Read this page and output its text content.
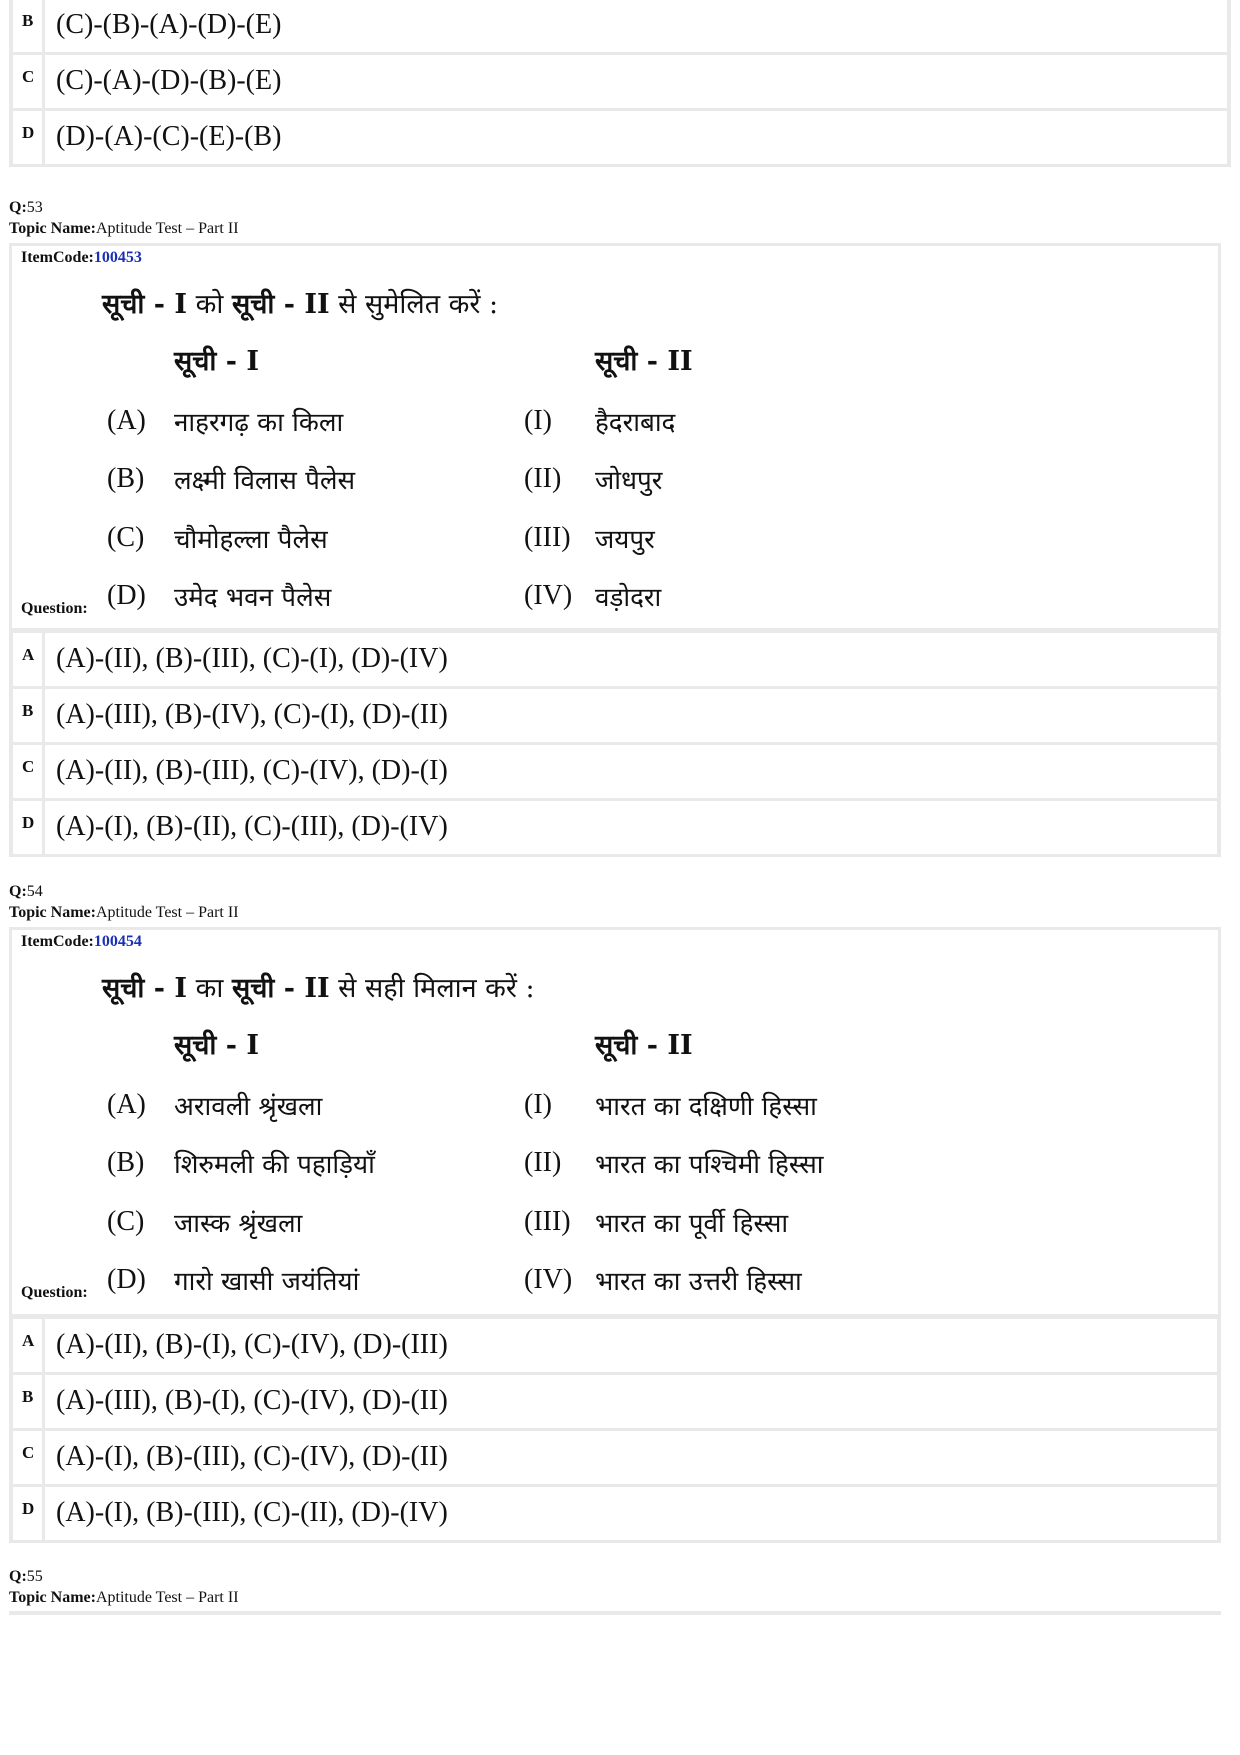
B (C)-(B)-(A)-(D)-(E)
C (C)-(A)-(D)-(B)-(E)
D (D)-(A)-(C)-(E)-(B)
Q:53
Topic Name:Aptitude Test – Part II
ItemCode:100453
सूची - I को सूची - II से सुमेलित करें :
सूची - I	सूची - II
(A) नाहरगढ़ का किला	(I) हैदराबाद
(B) लक्ष्मी विलास पैलेस	(II) जोधपुर
(C) चौमोहल्ला पैलेस	(III) जयपुर
(D) उमेद भवन पैलेस	(IV) वड़ोदरा
Question:
A (A)-(II), (B)-(III), (C)-(I), (D)-(IV)
B (A)-(III), (B)-(IV), (C)-(I), (D)-(II)
C (A)-(II), (B)-(III), (C)-(IV), (D)-(I)
D (A)-(I), (B)-(II), (C)-(III), (D)-(IV)
Q:54
Topic Name:Aptitude Test – Part II
ItemCode:100454
सूची - I का सूची - II से सही मिलान करें :
सूची - I	सूची - II
(A) अरावली श्रृंखला	(I) भारत का दक्षिणी हिस्सा
(B) शिरुमली की पहाड़ियाँ	(II) भारत का पश्चिमी हिस्सा
(C) जास्क श्रृंखला	(III) भारत का पूर्वी हिस्सा
(D) गारो खासी जयंतियां	(IV) भारत का उत्तरी हिस्सा
Question:
A (A)-(II), (B)-(I), (C)-(IV), (D)-(III)
B (A)-(III), (B)-(I), (C)-(IV), (D)-(II)
C (A)-(I), (B)-(III), (C)-(IV), (D)-(II)
D (A)-(I), (B)-(III), (C)-(II), (D)-(IV)
Q:55
Topic Name:Aptitude Test – Part II
